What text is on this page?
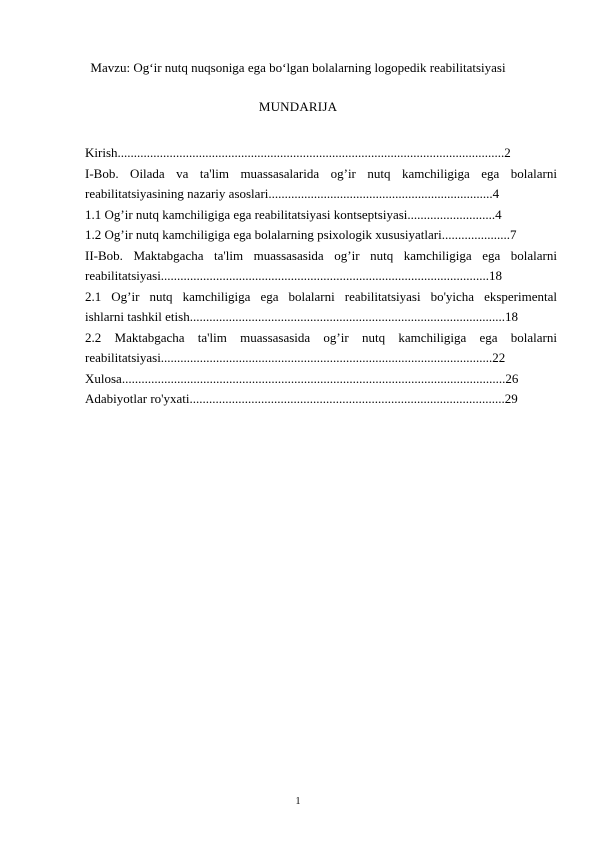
Mavzu: Og‘ir nutq nuqsoniga ega bo‘lgan bolalarning logopedik reabilitatsiyasi
MUNDARIJA
Kirish.......................................................................................................................2
I-Bob. Oilada va ta'lim muassasalarida og’ir nutq kamchiligiga ega bolalarni
reabilitatsiyasining nazariy asoslari.....................................................................4
1.1 Og’ir nutq kamchiligiga ega reabilitatsiyasi kontseptsiyasi...........................4
1.2 Og’ir nutq kamchiligiga ega bolalarning psixologik xususiyatlari.....................7
II-Bob. Maktabgacha ta'lim muassasasida og’ir nutq kamchiligiga ega bolalarni
reabilitatsiyasi.....................................................................................................18
2.1 Og’ir nutq kamchiligiga ega bolalarni reabilitatsiyasi bo'yicha eksperimental
ishlarni tashkil etish.................................................................................................18
2.2 Maktabgacha ta'lim muassasasida og’ir nutq kamchiligiga ega bolalarni
reabilitatsiyasi......................................................................................................22
Xulosa......................................................................................................................26
Adabiyotlar ro'yxati.................................................................................................29
1
